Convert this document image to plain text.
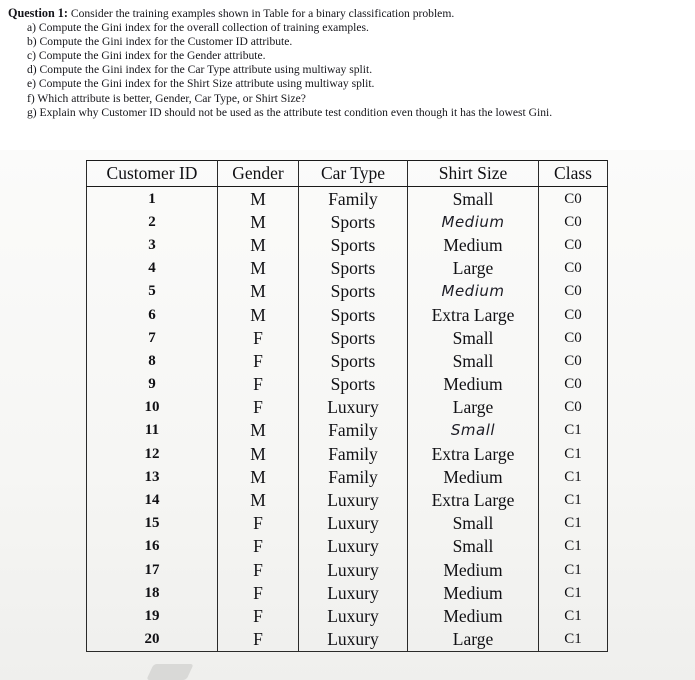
Question 1: Consider the training examples shown in Table for a binary classification problem.
a) Compute the Gini index for the overall collection of training examples.
b) Compute the Gini index for the Customer ID attribute.
c) Compute the Gini index for the Gender attribute.
d) Compute the Gini index for the Car Type attribute using multiway split.
e) Compute the Gini index for the Shirt Size attribute using multiway split.
f) Which attribute is better, Gender, Car Type, or Shirt Size?
g) Explain why Customer ID should not be used as the attribute test condition even though it has the lowest Gini.
Customer ID	Gender	Car Type	Shirt Size	Class
1	M	Family	Small	C0
2	M	Sports	Medium	C0
3	M	Sports	Medium	C0
4	M	Sports	Large	C0
5	M	Sports	Medium	C0
6	M	Sports	Extra Large	C0
7	F	Sports	Small	C0
8	F	Sports	Small	C0
9	F	Sports	Medium	C0
10	F	Luxury	Large	C0
11	M	Family	Small	C1
12	M	Family	Extra Large	C1
13	M	Family	Medium	C1
14	M	Luxury	Extra Large	C1
15	F	Luxury	Small	C1
16	F	Luxury	Small	C1
17	F	Luxury	Medium	C1
18	F	Luxury	Medium	C1
19	F	Luxury	Medium	C1
20	F	Luxury	Large	C1
